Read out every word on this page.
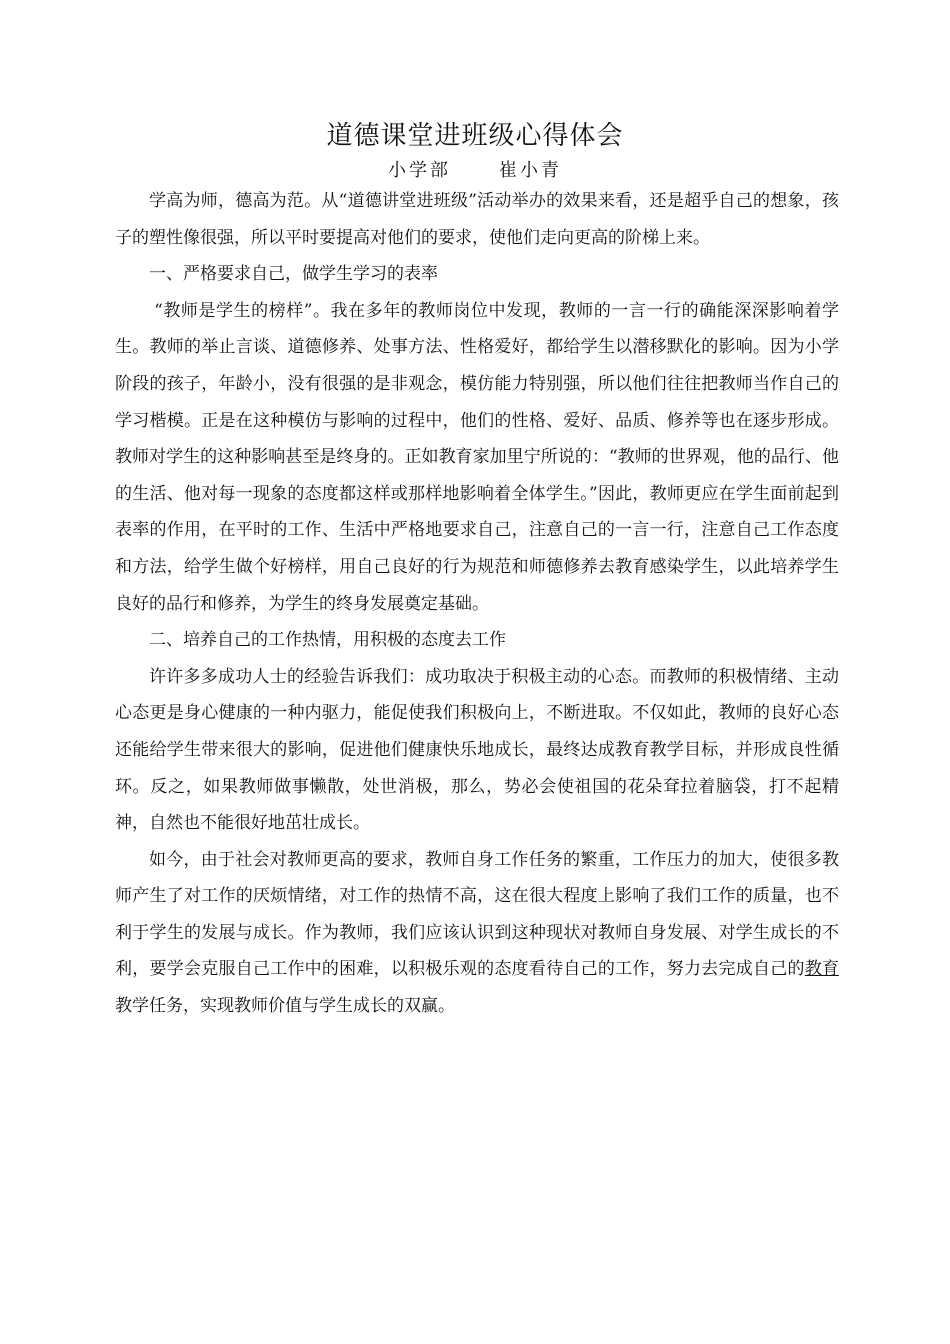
道德课堂进班级心得体会
小学部	崔小青

学高为师，德高为范。从“道德讲堂进班级”活动举办的效果来看，还是超乎自己的想象，孩子的塑性像很强，所以平时要提高对他们的要求，使他们走向更高的阶梯上来。

一、严格要求自己，做学生学习的表率

“教师是学生的榜样”。我在多年的教师岗位中发现，教师的一言一行的确能深深影响着学生。教师的举止言谈、道德修养、处事方法、性格爱好，都给学生以潜移默化的影响。因为小学阶段的孩子，年龄小，没有很强的是非观念，模仿能力特别强，所以他们往往把教师当作自己的学习楷模。正是在这种模仿与影响的过程中，他们的性格、爱好、品质、修养等也在逐步形成。教师对学生的这种影响甚至是终身的。正如教育家加里宁所说的：“教师的世界观，他的品行、他的生活、他对每一现象的态度都这样或那样地影响着全体学生。”因此，教师更应在学生面前起到表率的作用，在平时的工作、生活中严格地要求自己，注意自己的一言一行，注意自己工作态度和方法，给学生做个好榜样，用自己良好的行为规范和师德修养去教育感染学生，以此培养学生良好的品行和修养，为学生的终身发展奠定基础。

二、培养自己的工作热情，用积极的态度去工作

许许多多成功人士的经验告诉我们：成功取决于积极主动的心态。而教师的积极情绪、主动心态更是身心健康的一种内驱力，能促使我们积极向上，不断进取。不仅如此，教师的良好心态还能给学生带来很大的影响，促进他们健康快乐地成长，最终达成教育教学目标，并形成良性循环。反之，如果教师做事懒散，处世消极，那么，势必会使祖国的花朵耷拉着脑袋，打不起精神，自然也不能很好地茁壮成长。

如今，由于社会对教师更高的要求，教师自身工作任务的繁重，工作压力的加大，使很多教师产生了对工作的厌烦情绪，对工作的热情不高，这在很大程度上影响了我们工作的质量，也不利于学生的发展与成长。作为教师，我们应该认识到这种现状对教师自身发展、对学生成长的不利，要学会克服自己工作中的困难，以积极乐观的态度看待自己的工作，努力去完成自己的教育教学任务，实现教师价值与学生成长的双赢。
